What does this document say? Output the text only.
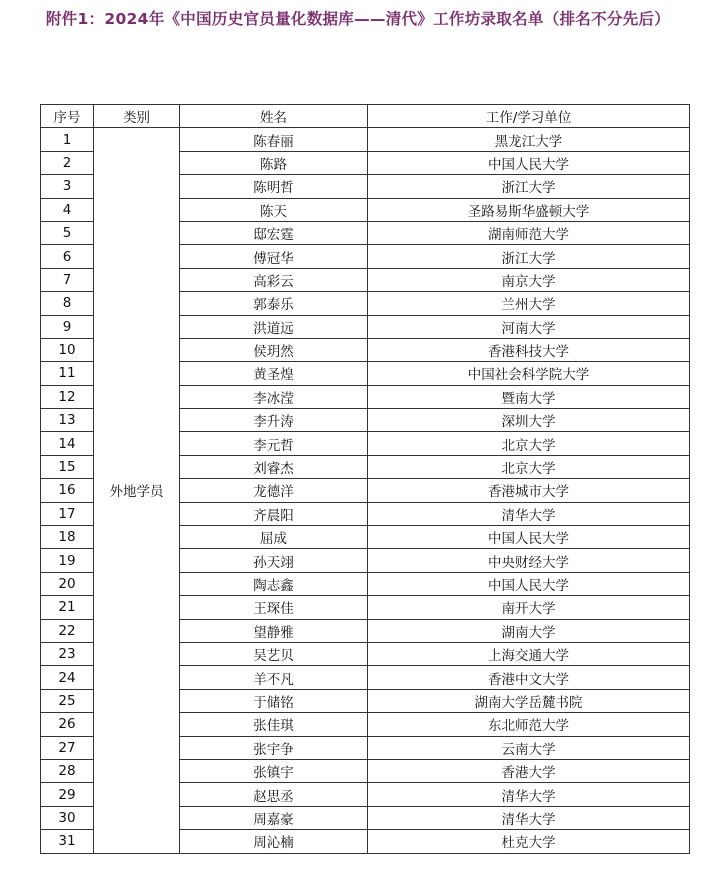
附件1：2024年《中国历史官员量化数据库——清代》工作坊录取名单（排名不分先后）
序号	类别	姓名	工作/学习单位
1	外地学员	陈春丽	黑龙江大学
2		陈路	中国人民大学
3		陈明哲	浙江大学
4		陈天	圣路易斯华盛顿大学
5		邸宏霆	湖南师范大学
6		傅冠华	浙江大学
7		高彩云	南京大学
8		郭泰乐	兰州大学
9		洪道远	河南大学
10		侯玥然	香港科技大学
11		黄圣煌	中国社会科学院大学
12		李冰滢	暨南大学
13		李升涛	深圳大学
14		李元哲	北京大学
15		刘睿杰	北京大学
16		龙德洋	香港城市大学
17		齐晨阳	清华大学
18		屈成	中国人民大学
19		孙天翊	中央财经大学
20		陶志鑫	中国人民大学
21		王琛佳	南开大学
22		望静雅	湖南大学
23		吴艺贝	上海交通大学
24		羊不凡	香港中文大学
25		于储铭	湖南大学岳麓书院
26		张佳琪	东北师范大学
27		张宇争	云南大学
28		张镇宇	香港大学
29		赵思丞	清华大学
30		周嘉豪	清华大学
31		周沁楠	杜克大学
